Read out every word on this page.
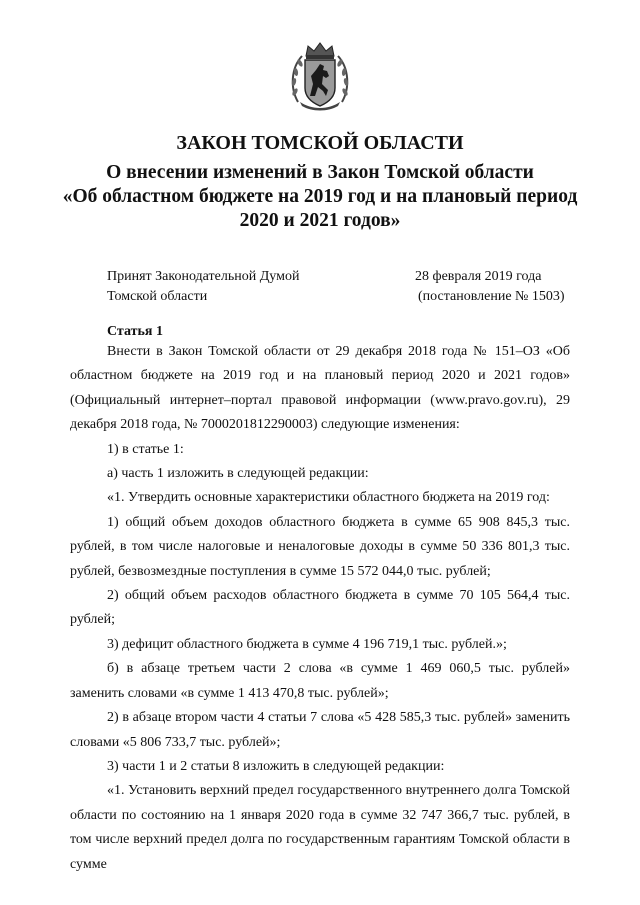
ЗАКОН ТОМСКОЙ ОБЛАСТИ
О внесении изменений в Закон Томской области
«Об областном бюджете на 2019 год и на плановый период
2020 и 2021 годов»
Принят Законодательной Думой
Томской области
28 февраля 2019 года
(постановление № 1503)
Статья 1

Внести в Закон Томской области от 29 декабря 2018 года № 151–ОЗ «Об областном бюджете на 2019 год и на плановый период 2020 и 2021 годов» (Официальный интернет–портал правовой информации (www.pravo.gov.ru), 29 декабря 2018 года, № 7000201812290003) следующие изменения:

1) в статье 1:

а) часть 1 изложить в следующей редакции:

«1. Утвердить основные характеристики областного бюджета на 2019 год:

1) общий объем доходов областного бюджета в сумме 65 908 845,3 тыс. рублей, в том числе налоговые и неналоговые доходы в сумме 50 336 801,3 тыс. рублей, безвозмездные поступления в сумме 15 572 044,0 тыс. рублей;

2) общий объем расходов областного бюджета в сумме 70 105 564,4 тыс. рублей;

3) дефицит областного бюджета в сумме 4 196 719,1 тыс. рублей.»;

б) в абзаце третьем части 2 слова «в сумме 1 469 060,5 тыс. рублей» заменить словами «в сумме 1 413 470,8 тыс. рублей»;

2) в абзаце втором части 4 статьи 7 слова «5 428 585,3 тыс. рублей» заменить словами «5 806 733,7 тыс. рублей»;

3) части 1 и 2 статьи 8 изложить в следующей редакции:

«1. Установить верхний предел государственного внутреннего долга Томской области по состоянию на 1 января 2020 года в сумме 32 747 366,7 тыс. рублей, в том числе верхний предел долга по государственным гарантиям Томской области в сумме
